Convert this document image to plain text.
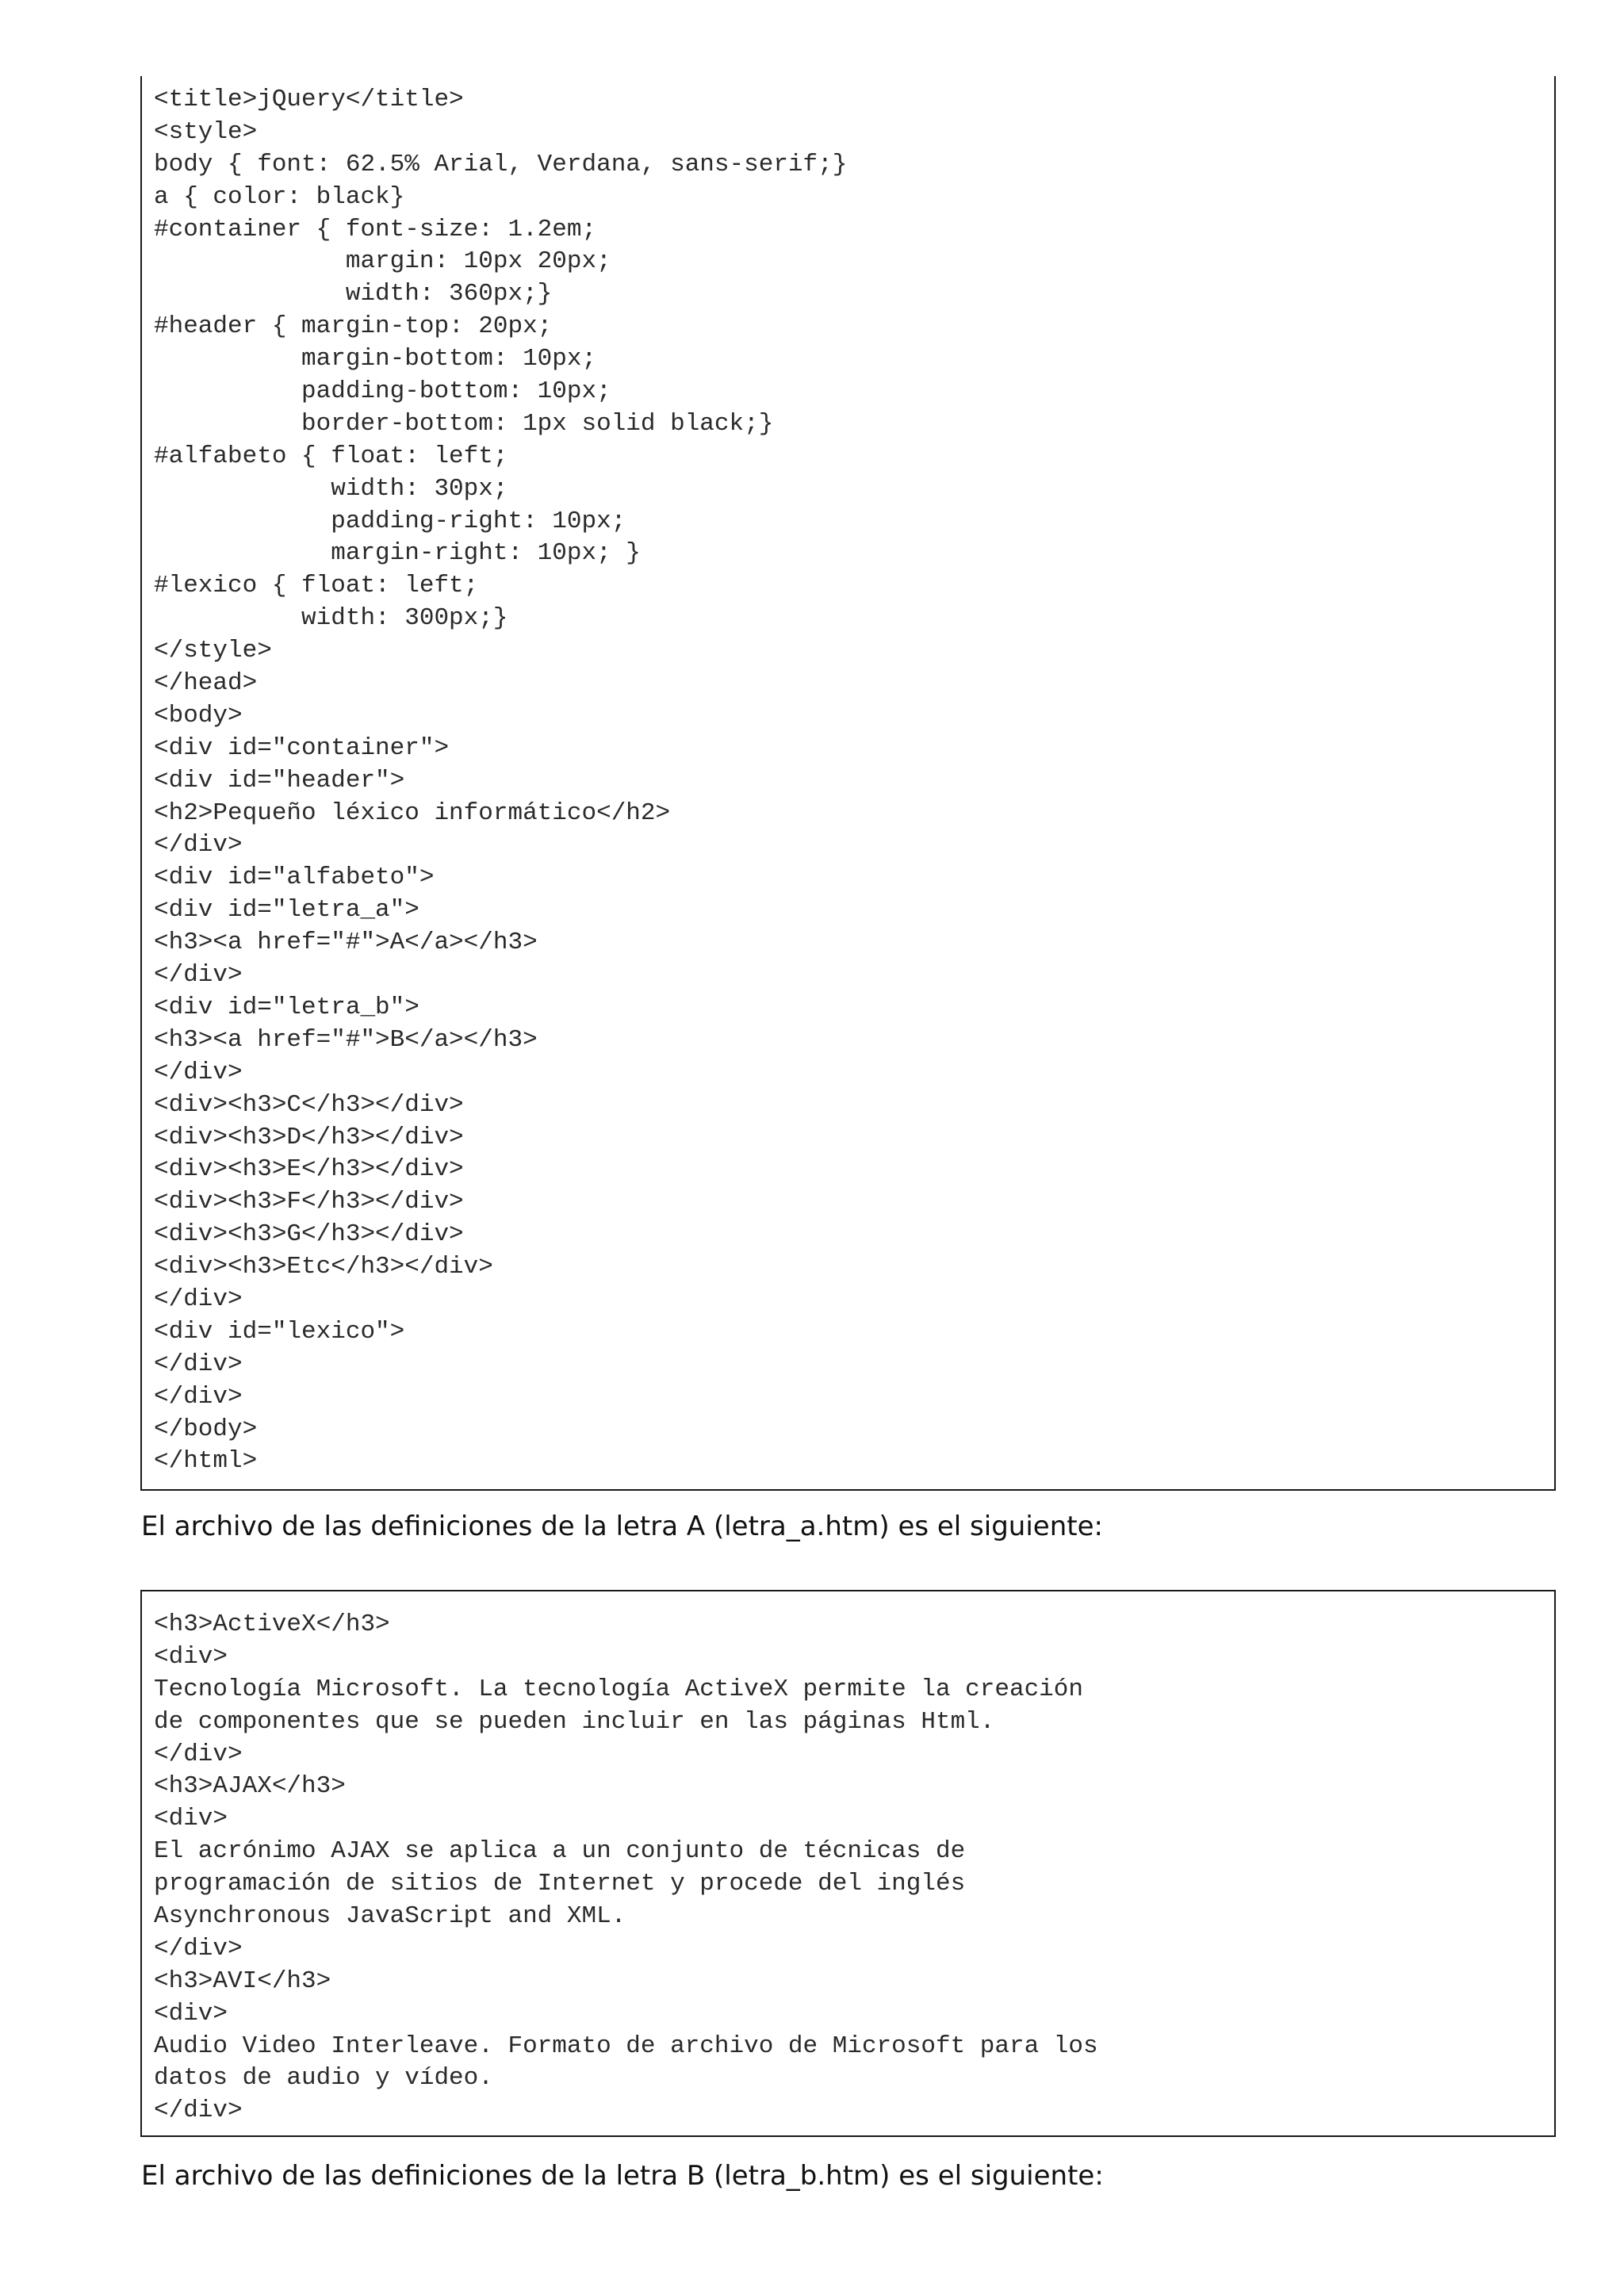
<title>jQuery</title>
<style>
body { font: 62.5% Arial, Verdana, sans-serif;}
a { color: black}
#container { font-size: 1.2em;
margin: 10px 20px;
width: 360px;}
#header { margin-top: 20px;
margin-bottom: 10px;
padding-bottom: 10px;
border-bottom: 1px solid black;}
#alfabeto { float: left;
width: 30px;
padding-right: 10px;
margin-right: 10px; }
#lexico { float: left;
width: 300px;}
</style>
</head>
<body>
<div id="container">
<div id="header">
<h2>Pequeño léxico informático</h2>
</div>
<div id="alfabeto">
<div id="letra_a">
<h3><a href="#">A</a></h3>
</div>
<div id="letra_b">
<h3><a href="#">B</a></h3>
</div>
<div><h3>C</h3></div>
<div><h3>D</h3></div>
<div><h3>E</h3></div>
<div><h3>F</h3></div>
<div><h3>G</h3></div>
<div><h3>Etc</h3></div>
</div>
<div id="lexico">
</div>
</div>
</body>
</html>

El archivo de las definiciones de la letra A (letra_a.htm) es el siguiente:

<h3>ActiveX</h3>
<div>
Tecnología Microsoft. La tecnología ActiveX permite la creación
de componentes que se pueden incluir en las páginas Html.
</div>
<h3>AJAX</h3>
<div>
El acrónimo AJAX se aplica a un conjunto de técnicas de
programación de sitios de Internet y procede del inglés
Asynchronous JavaScript and XML.
</div>
<h3>AVI</h3>
<div>
Audio Video Interleave. Formato de archivo de Microsoft para los
datos de audio y vídeo.
</div>

El archivo de las definiciones de la letra B (letra_b.htm) es el siguiente:
